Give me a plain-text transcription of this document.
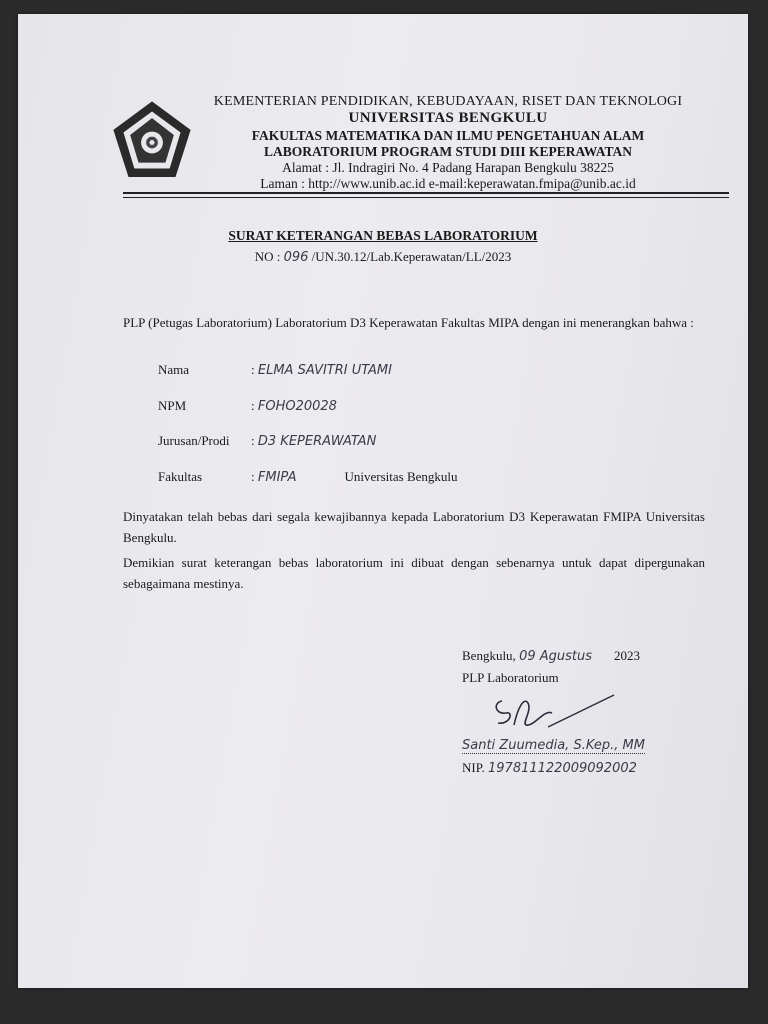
KEMENTERIAN PENDIDIKAN, KEBUDAYAAN, RISET DAN TEKNOLOGI
UNIVERSITAS BENGKULU
FAKULTAS MATEMATIKA DAN ILMU PENGETAHUAN ALAM
LABORATORIUM PROGRAM STUDI DIII KEPERAWATAN
Alamat : Jl. Indragiri No. 4 Padang Harapan Bengkulu 38225
Laman : http://www.unib.ac.id e-mail:keperawatan.fmipa@unib.ac.id
SURAT KETERANGAN BEBAS LABORATORIUM
NO : 096 /UN.30.12/Lab.Keperawatan/LL/2023
PLP (Petugas Laboratorium) Laboratorium D3 Keperawatan Fakultas MIPA dengan ini menerangkan bahwa :
Nama	: ELMA SAVITRI UTAMI
NPM	: FOHO20028
Jurusan/Prodi : D3 KEPERAWATAN
Fakultas	: FMIPA	Universitas Bengkulu
Dinyatakan telah bebas dari segala kewajibannya kepada Laboratorium D3 Keperawatan FMIPA Universitas Bengkulu.
Demikian surat keterangan bebas laboratorium ini dibuat dengan sebenarnya untuk dapat dipergunakan sebagaimana mestinya.
Bengkulu, 09 Agustus 2023
PLP Laboratorium
Santi Zuumedia, S.Kep., MM
NIP. 197811122009092002
